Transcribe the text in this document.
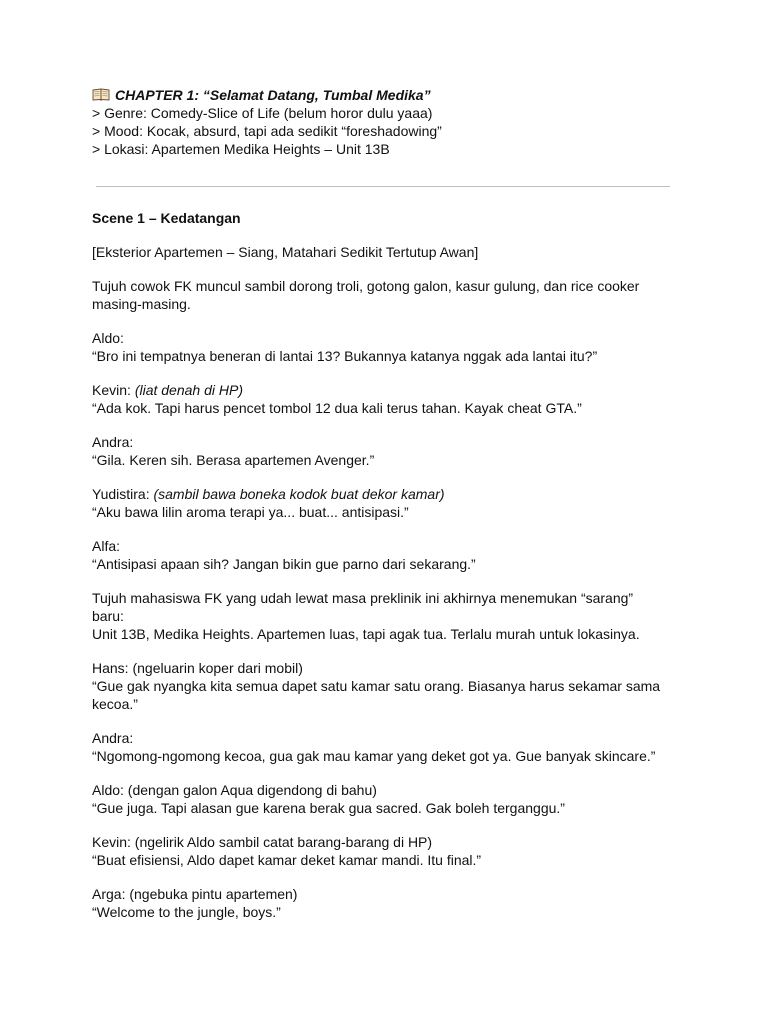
CHAPTER 1: “Selamat Datang, Tumbal Medika”
> Genre: Comedy-Slice of Life (belum horor dulu yaaa)
> Mood: Kocak, absurd, tapi ada sedikit “foreshadowing”
> Lokasi: Apartemen Medika Heights – Unit 13B

Scene 1 – Kedatangan

[Eksterior Apartemen – Siang, Matahari Sedikit Tertutup Awan]

Tujuh cowok FK muncul sambil dorong troli, gotong galon, kasur gulung, dan rice cooker
masing-masing.

Aldo:
“Bro ini tempatnya beneran di lantai 13? Bukannya katanya nggak ada lantai itu?”

Kevin: (liat denah di HP)
“Ada kok. Tapi harus pencet tombol 12 dua kali terus tahan. Kayak cheat GTA.”

Andra:
“Gila. Keren sih. Berasa apartemen Avenger.”

Yudistira: (sambil bawa boneka kodok buat dekor kamar)
“Aku bawa lilin aroma terapi ya... buat... antisipasi.”

Alfa:
“Antisipasi apaan sih? Jangan bikin gue parno dari sekarang.”

Tujuh mahasiswa FK yang udah lewat masa preklinik ini akhirnya menemukan “sarang”
baru:
Unit 13B, Medika Heights. Apartemen luas, tapi agak tua. Terlalu murah untuk lokasinya.

Hans: (ngeluarin koper dari mobil)
“Gue gak nyangka kita semua dapet satu kamar satu orang. Biasanya harus sekamar sama
kecoa.”

Andra:
“Ngomong-ngomong kecoa, gua gak mau kamar yang deket got ya. Gue banyak skincare.”

Aldo: (dengan galon Aqua digendong di bahu)
“Gue juga. Tapi alasan gue karena berak gua sacred. Gak boleh terganggu.”

Kevin: (ngelirik Aldo sambil catat barang-barang di HP)
“Buat efisiensi, Aldo dapet kamar deket kamar mandi. Itu final.”

Arga: (ngebuka pintu apartemen)
“Welcome to the jungle, boys.”
